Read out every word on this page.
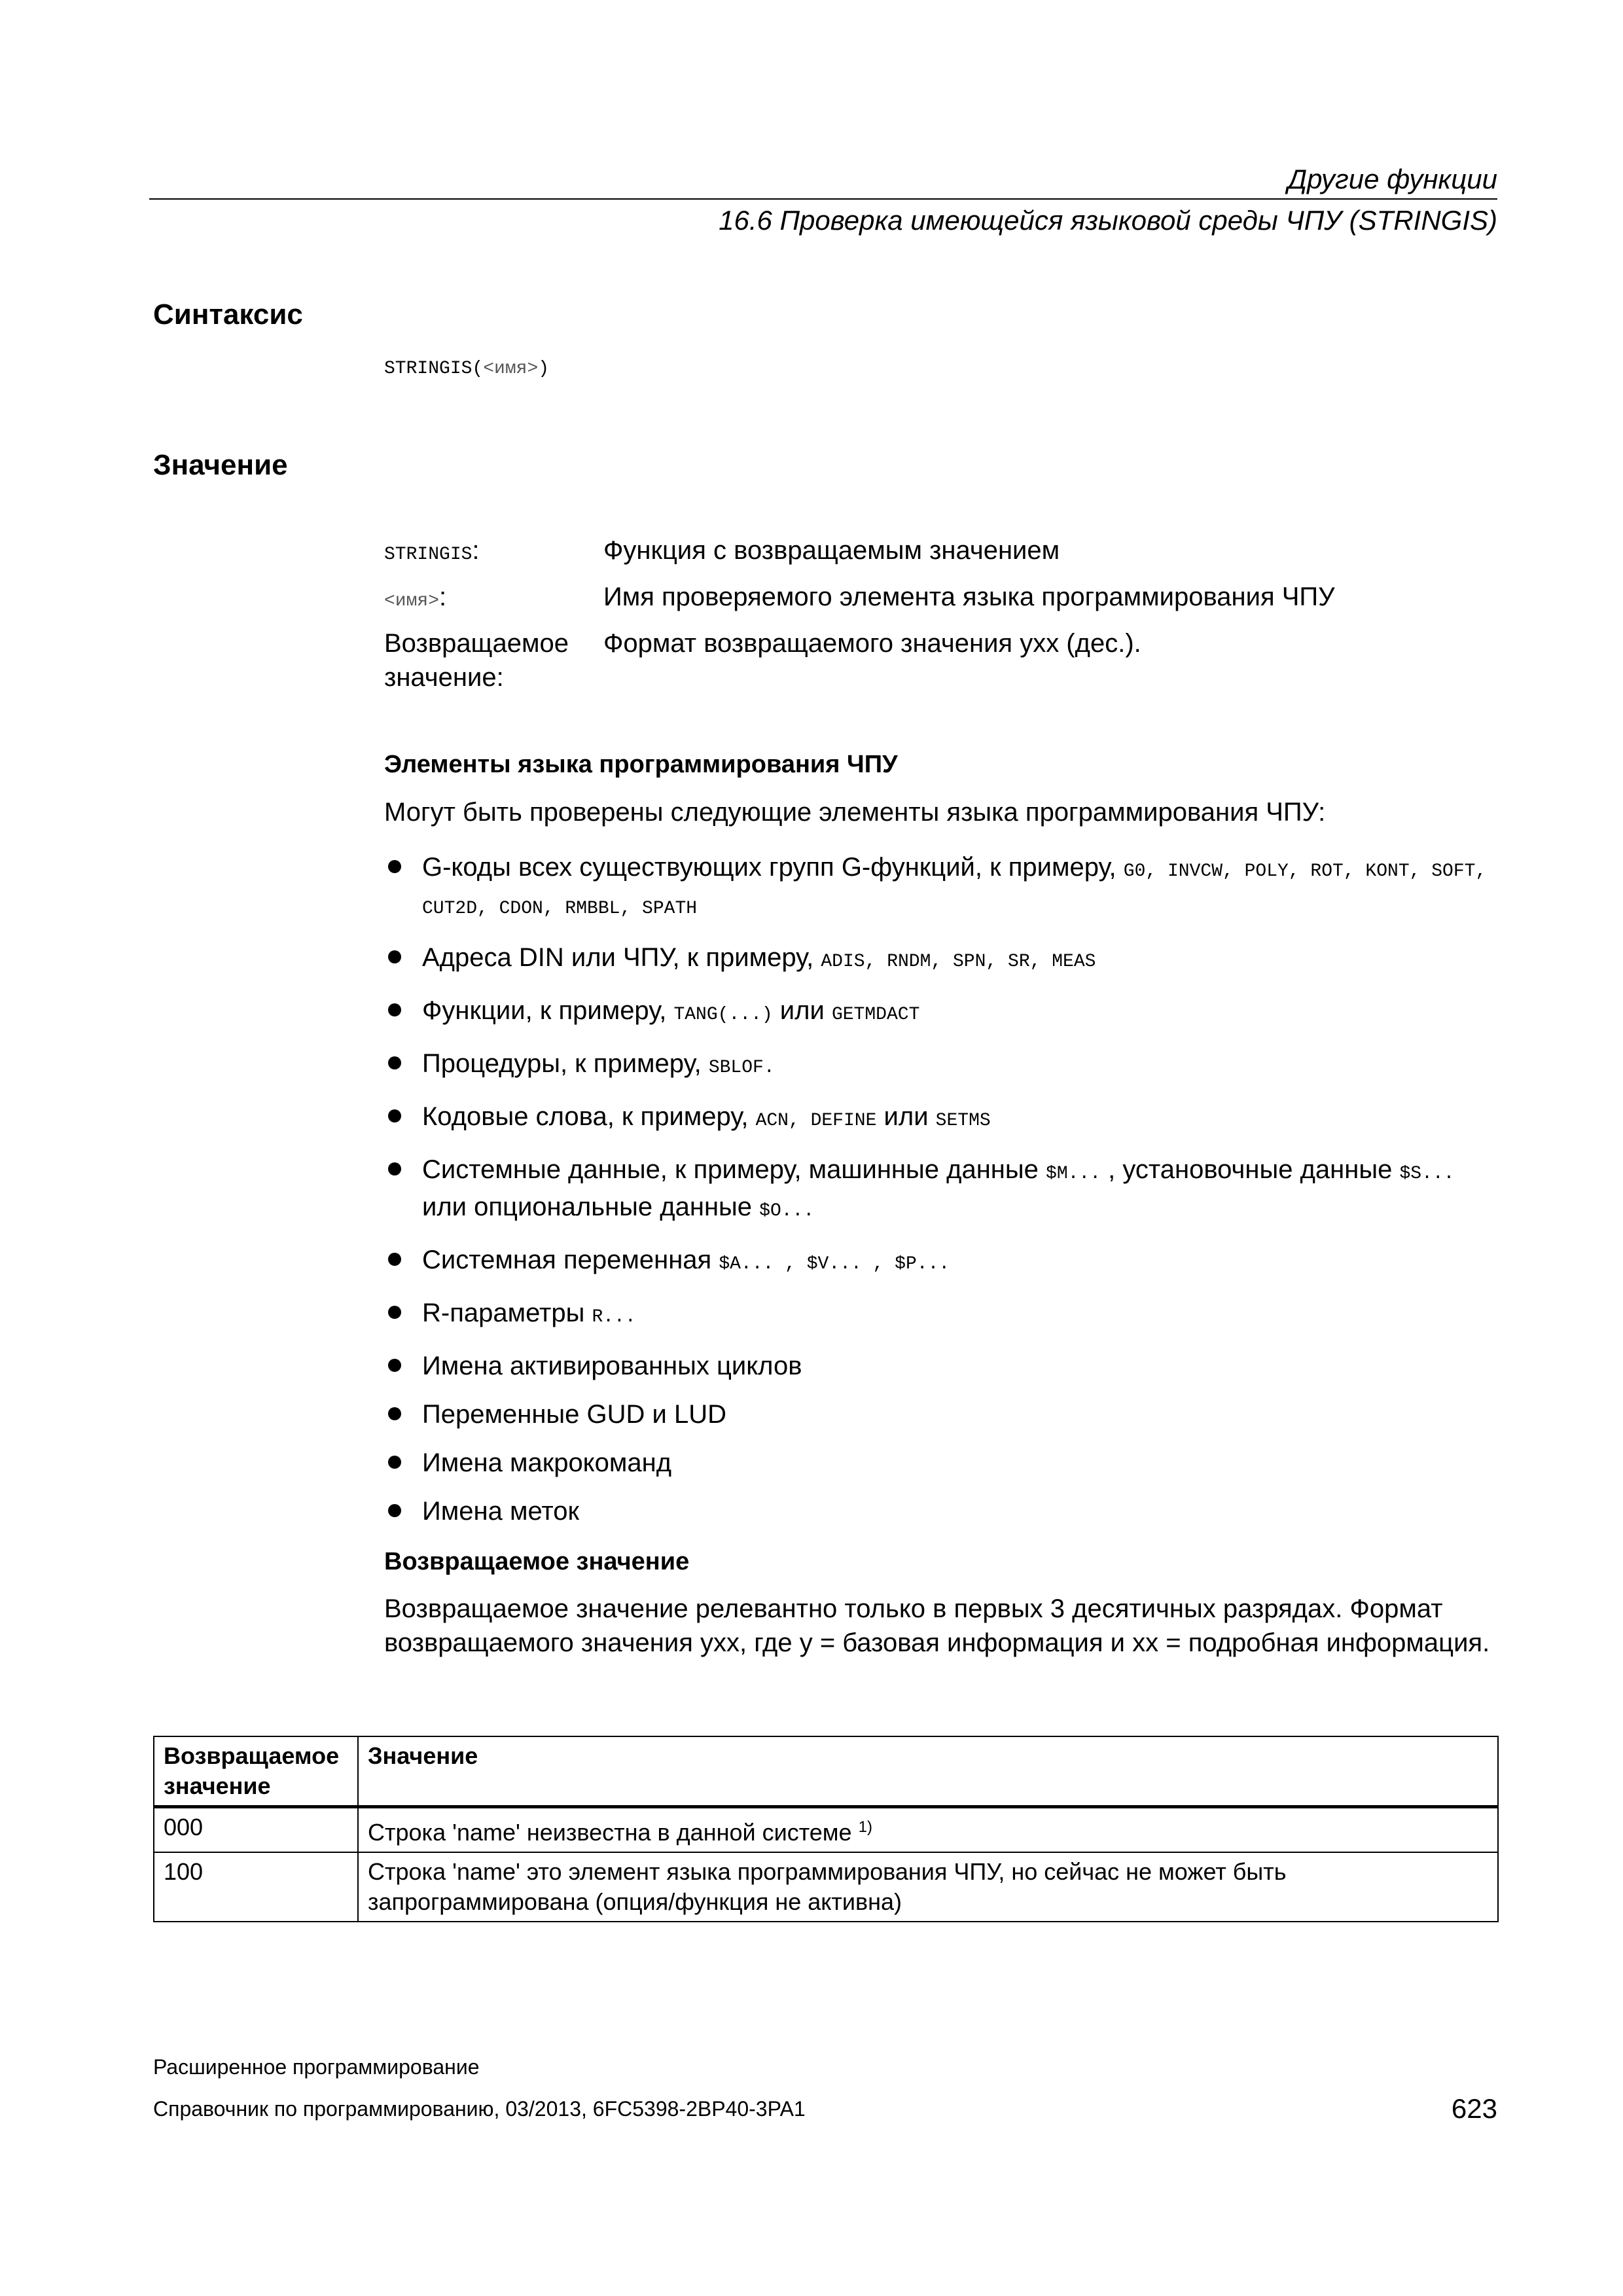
Другие функции
16.6 Проверка имеющейся языковой среды ЧПУ (STRINGIS)
Синтаксис
STRINGIS(<имя>)
Значение
STRINGIS:	Функция с возвращаемым значением
<имя>:	Имя проверяемого элемента языка программирования ЧПУ
Возвращаемое значение:
Формат возвращаемого значения yxx (дес.).
Элементы языка программирования ЧПУ
Могут быть проверены следующие элементы языка программирования ЧПУ:
G-коды всех существующих групп G-функций, к примеру, G0, INVCW, POLY, ROT, KONT, SOFT, CUT2D, CDON, RMBBL, SPATH
Адреса DIN или ЧПУ, к примеру, ADIS, RNDM, SPN, SR, MEAS
Функции, к примеру, TANG(...) или GETMDACT
Процедуры, к примеру, SBLOF.
Кодовые слова, к примеру, ACN, DEFINE или SETMS
Системные данные, к примеру, машинные данные $M... , установочные данные $S... или опциональные данные $O...
Системная переменная $A... , $V... , $P...
R-параметры R...
Имена активированных циклов
Переменные GUD и LUD
Имена макрокоманд
Имена меток
Возвращаемое значение
Возвращаемое значение релевантно только в первых 3 десятичных разрядах. Формат возвращаемого значения yxx, где y = базовая информация и xx = подробная информация.
Возвращаемое значение	Значение
000	Строка 'name' неизвестна в данной системе $^{1)}$
100	Строка 'name' это элемент языка программирования ЧПУ, но сейчас не может быть запрограммирована (опция/функция не активна)
Расширенное программирование
Справочник по программированию, 03/2013, 6FC5398-2BP40-3PA1	623
